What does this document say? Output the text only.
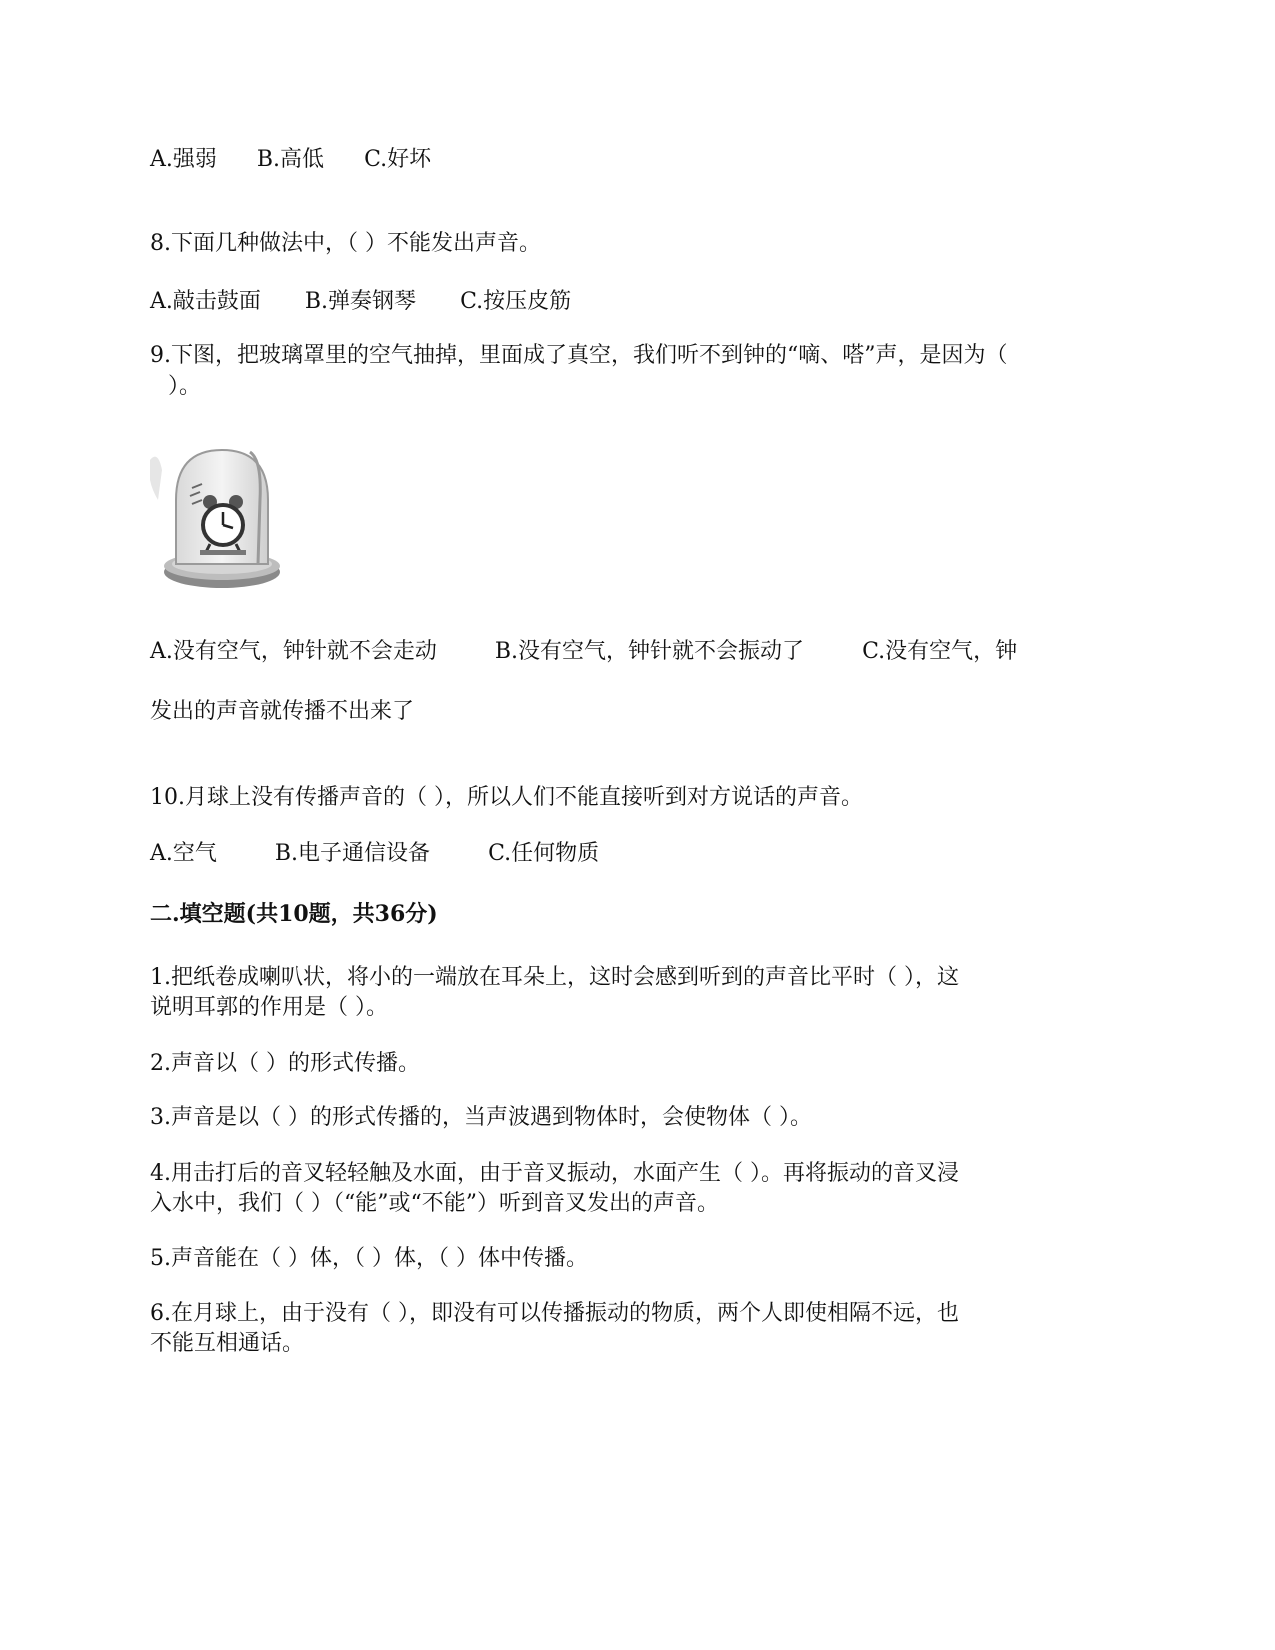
A.强弱 B.高低 C.好坏

8.下面几种做法中，（ ）不能发出声音。

A.敲击鼓面 B.弹奏钢琴 C.按压皮筋

9.下图，把玻璃罩里的空气抽掉，里面成了真空，我们听不到钟的“嘀、嗒”声，是因为（

）。

A.没有空气，钟针就不会走动	B.没有空气，钟针就不会振动了	C.没有空气，钟

发出的声音就传播不出来了

10.月球上没有传播声音的（ ），所以人们不能直接听到对方说话的声音。

A.空气	B.电子通信设备	C.任何物质

二.填空题(共10题，共36分)

1.把纸卷成喇叭状，将小的一端放在耳朵上，这时会感到听到的声音比平时（ ），这

说明耳郭的作用是（ ）。

2.声音以（ ）的形式传播。

3.声音是以（ ）的形式传播的，当声波遇到物体时，会使物体（ ）。

4.用击打后的音叉轻轻触及水面，由于音叉振动，水面产生（ ）。再将振动的音叉浸

入水中，我们（ ）（“能”或“不能”）听到音叉发出的声音。

5.声音能在（ ）体，（ ）体，（ ）体中传播。

6.在月球上，由于没有（ ），即没有可以传播振动的物质，两个人即使相隔不远，也

不能互相通话。
